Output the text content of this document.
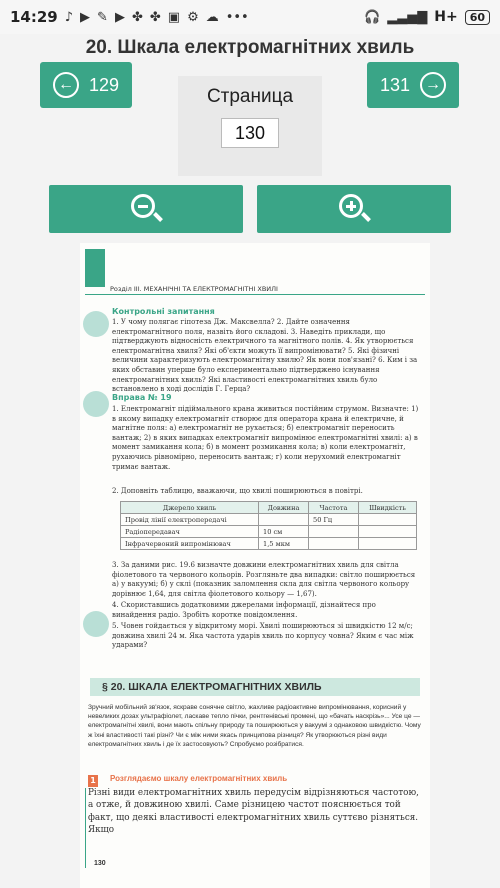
14:29 ♪ ▶ ✎ ▶ ✤ ✤ ▣ ⚙ ☁ •••	🎧 ▂▃▅▇ H+	60
20. Шкала електромагнітних хвиль
← 129
Страница
130
131 →
Розділ III. МЕХАНІЧНІ ТА ЕЛЕКТРОМАГНІТНІ ХВИЛІ
Контрольні запитання
1. У чому полягає гіпотеза Дж. Максвелла? 2. Дайте означення електромагнітного поля, назвіть його складові. 3. Наведіть приклади, що підтверджують відносність електричного та магнітного полів. 4. Як утворюється електромагнітна хвиля? Які об'єкти можуть її випромінювати? 5. Які фізичні величини характеризують електромагнітну хвилю? Як вони пов'язані? 6. Ким і за яких обставин уперше було експериментально підтверджено існування електромагнітних хвиль? Які властивості електромагнітних хвиль було встановлено в ході дослідів Г. Герца?
Вправа № 19
1. Електромагніт підіймального крана живиться постійним струмом. Визначте: 1) в якому випадку електромагніт створює для оператора крана й електричне, й магнітне поля: а) електромагніт не рухається; б) електромагніт переносить вантаж; 2) в яких випадках електромагніт випромінює електромагнітні хвилі: а) в момент замикання кола; б) в момент розмикання кола; в) коли електромагніт, рухаючись рівномірно, переносить вантаж; г) коли нерухомий електромагніт тримає вантаж.
2. Доповніть таблицю, вважаючи, що хвилі поширюються в повітрі.
Джерело хвиль	Довжина	Частота	Швидкість
Провід лінії електропередачі		50 Гц	
Радіопередавач	10 см		
Інфрачервоний випромінювач	1,5 мкм		
3. За даними рис. 19.6 визначте довжини електромагнітних хвиль для світла фіолетового та червоного кольорів. Розгляньте два випадки: світло поширюється а) у вакуумі; б) у склі (показник заломлення скла для світла червоного кольору дорівнює 1,64, для світла фіолетового кольору — 1,67).
4. Скориставшись додатковими джерелами інформації, дізнайтеся про винайдення радіо. Зробіть коротке повідомлення.
5. Човен гойдається у відкритому морі. Хвилі поширюються зі швидкістю 12 м/с; довжина хвилі 24 м. Яка частота ударів хвиль по корпусу човна? Яким є час між ударами?
§ 20. ШКАЛА ЕЛЕКТРОМАГНІТНИХ ХВИЛЬ
Зручний мобільний зв'язок, яскраве сонячне світло, жахливе радіоактивне випромінювання, корисний у невеликих дозах ультрафіолет, ласкаве тепло пічки, рентгенівські промені, що «бачать наскрізь»... Усе це — електромагнітні хвилі, вони мають спільну природу та поширюються у вакуумі з однаковою швидкістю. Чому ж їхні властивості такі різні? Чи є між ними якась принципова різниця? Як утворюються різні види електромагнітних хвиль і де їх застосовують? Спробуємо розібратися.
1 Розглядаємо шкалу електромагнітних хвиль
Різні види електромагнітних хвиль передусім відрізняються частотою, а отже, й довжиною хвилі. Саме різницею частот пояснюється той факт, що деякі властивості електромагнітних хвиль суттєво різняться. Якщо
130
